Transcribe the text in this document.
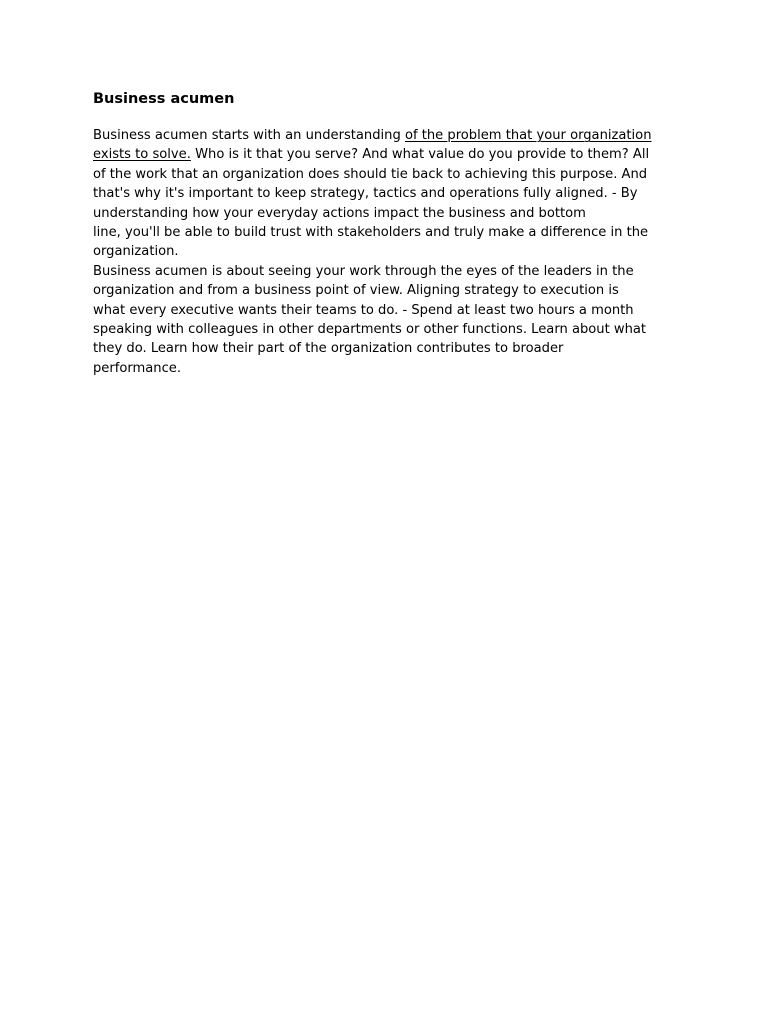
Business acumen
Business acumen starts with an understanding of the problem that your organization
exists to solve. Who is it that you serve? And what value do you provide to them? All
of the work that an organization does should tie back to achieving this purpose. And
that's why it's important to keep strategy, tactics and operations fully aligned. - By
understanding how your everyday actions impact the business and bottom
line, you'll be able to build trust with stakeholders and truly make a difference in the
organization.
Business acumen is about seeing your work through the eyes of the leaders in the
organization and from a business point of view. Aligning strategy to execution is
what every executive wants their teams to do. - Spend at least two hours a month
speaking with colleagues in other departments or other functions. Learn about what
they do. Learn how their part of the organization contributes to broader
performance.
